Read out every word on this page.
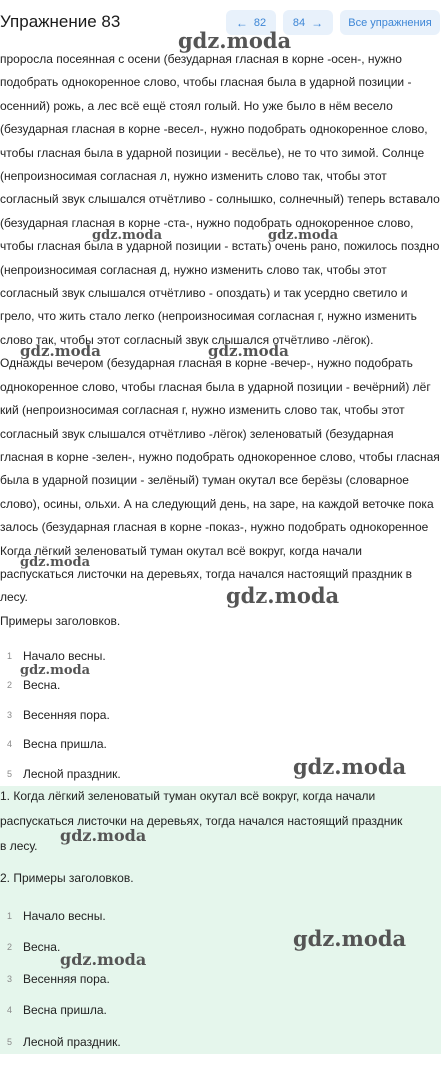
Упражнение 83	← 82 84 →	Все упражнения

проросла посеянная с осени (безударная гласная в корне -осен-, нужно

подобрать однокоренное слово, чтобы гласная была в ударной позиции -

осенний) рожь, а лес всё ещё стоял голый. Но уже было в нём весело

(безударная гласная в корне -весел-, нужно подобрать однокоренное слово,

чтобы гласная была в ударной позиции - весёлье), не то что зимой. Солнце

(непроизносимая согласная л, нужно изменить слово так, чтобы этот

согласный звук слышался отчётливо - солнышко, солнечный) теперь вставало

(безударная гласная в корне -ста-, нужно подобрать однокоренное слово,

чтобы гласная была в ударной позиции - встать) очень рано, пожилось поздно

(непроизносимая согласная д, нужно изменить слово так, чтобы этот

согласный звук слышался отчётливо - опоздать) и так усердно светило и

грело, что жить стало легко (непроизносимая согласная г, нужно изменить

слово так, чтобы этот согласный звук слышался отчётливо -лёгок).

Однажды вечером (безударная гласная в корне -вечер-, нужно подобрать

однокоренное слово, чтобы гласная была в ударной позиции - вечёрний) лёг

кий (непроизносимая согласная г, нужно изменить слово так, чтобы этот

согласный звук слышался отчётливо -лёгок) зеленоватый (безударная

гласная в корне -зелен-, нужно подобрать однокоренное слово, чтобы гласная

была в ударной позиции - зелёный) туман окутал все берёзы (словарное

слово), осины, ольхи. А на следующий день, на заре, на каждой веточке пока

залось (безударная гласная в корне -показ-, нужно подобрать однокоренное

Когда лёгкий зеленоватый туман окутал всё вокруг, когда начали

распускаться листочки на деревьях, тогда начался настоящий праздник в

лесу.

Примеры заголовков.

1 Начало весны.
2 Весна.
3 Весенняя пора.
4 Весна пришла.
5 Лесной праздник.
1. Когда лёгкий зеленоватый туман окутал всё вокруг, когда начали
распускаться листочки на деревьях, тогда начался настоящий праздник
в лесу.
2. Примеры заголовков.
1 Начало весны.
2 Весна.
3 Весенняя пора.
4 Весна пришла.
5 Лесной праздник.
gdz.moda
gdz.moda	gdz.moda
gdz.moda	gdz.moda
gdz.moda
gdz.moda
gdz.moda
gdz.moda
gdz.moda
gdz.moda
gdz.moda
